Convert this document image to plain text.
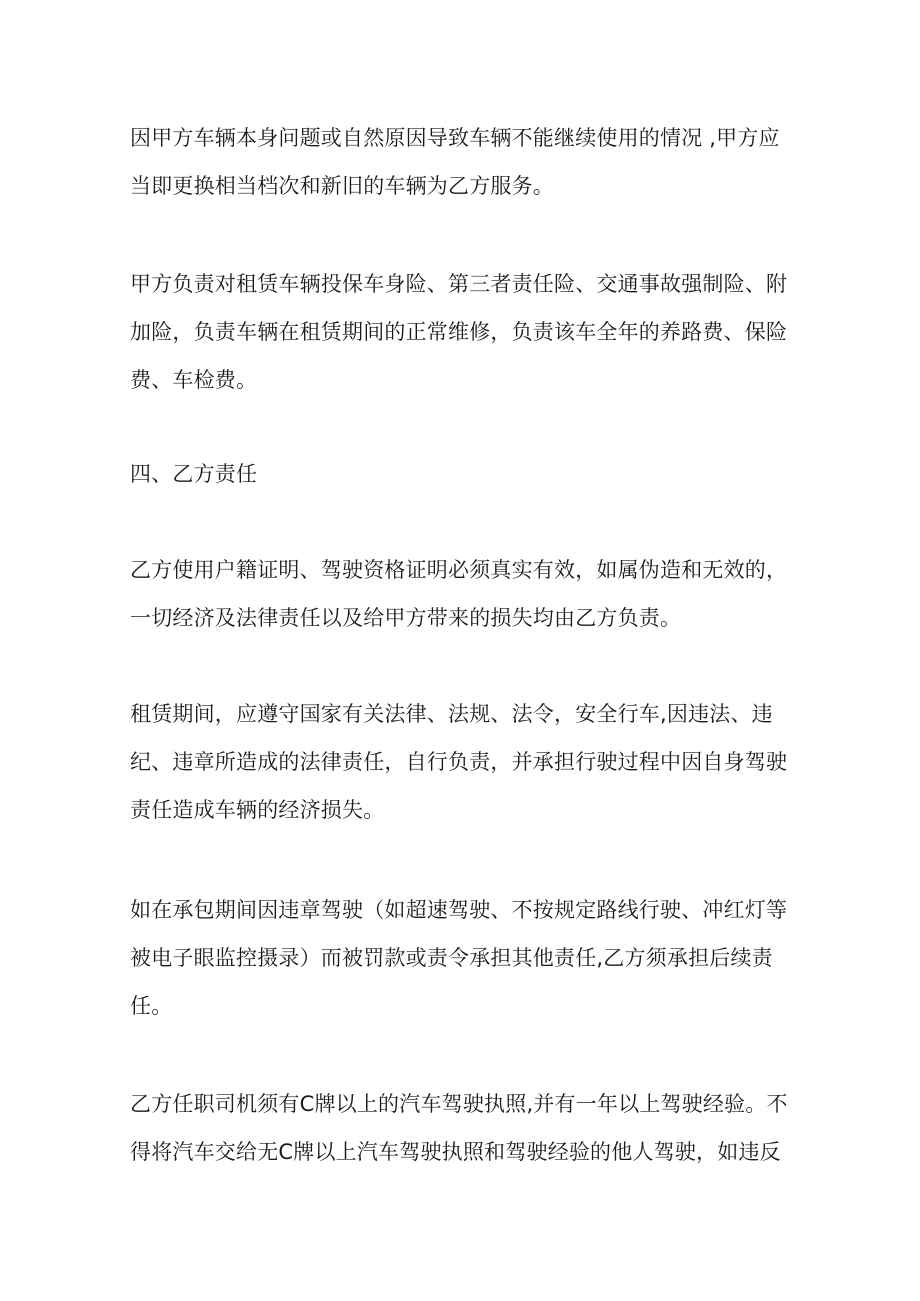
因甲方车辆本身问题或自然原因导致车辆不能继续使用的情况 ,甲方应
当即更换相当档次和新旧的车辆为乙方服务。

甲方负责对租赁车辆投保车身险、第三者责任险、交通事故强制险、附
加险，负责车辆在租赁期间的正常维修，负责该车全年的养路费、保险
费、车检费。

四、乙方责任

乙方使用户籍证明、驾驶资格证明必须真实有效，如属伪造和无效的，
一切经济及法律责任以及给甲方带来的损失均由乙方负责。

租赁期间，应遵守国家有关法律、法规、法令，安全行车,因违法、违
纪、违章所造成的法律责任，自行负责，并承担行驶过程中因自身驾驶
责任造成车辆的经济损失。

如在承包期间因违章驾驶（如超速驾驶、不按规定路线行驶、冲红灯等
被电子眼监控摄录）而被罚款或责令承担其他责任,乙方须承担后续责
任。

乙方任职司机须有C牌以上的汽车驾驶执照,并有一年以上驾驶经验。不
得将汽车交给无C牌以上汽车驾驶执照和驾驶经验的他人驾驶，如违反
